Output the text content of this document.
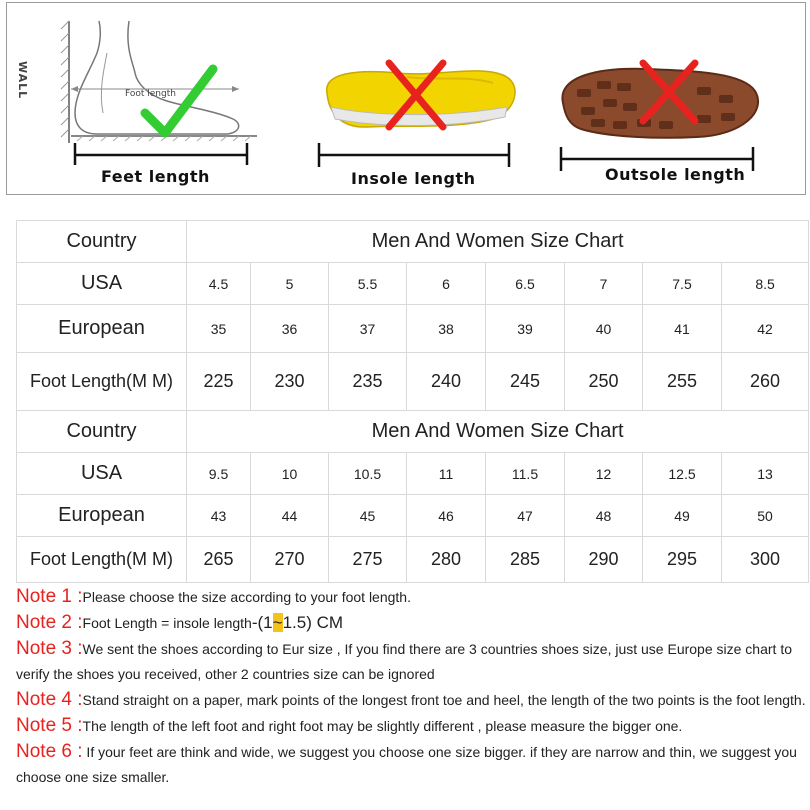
WALL	Foot length
Feet length	Insole length	Outsole length
Country	Men And Women Size Chart							
USA	4.5	5	5.5	6	6.5	7	7.5	8.5
European	35	36	37	38	39	40	41	42
Foot Length(M M)	225	230	235	240	245	250	255	260
Country	Men And Women Size Chart							
USA	9.5	10	10.5	11	11.5	12	12.5	13
European	43	44	45	46	47	48	49	50
Foot Length(M M)	265	270	275	280	285	290	295	300
Note 1 :Please choose the size according to your foot length.
Note 2 :Foot Length = insole length-(1~1.5) CM
Note 3 :We sent the shoes according to Eur size , If you find there are 3 countries shoes size, just use Europe size chart to verify the shoes you received, other 2 countries size can be ignored
Note 4 :Stand straight on a paper, mark points of the longest front toe and heel, the length of the two points is the foot length.
Note 5 :The length of the left foot and right foot may be slightly different , please measure the bigger one.
Note 6 : If your feet are think and wide, we suggest you choose one size bigger. if they are narrow and thin, we suggest you choose one size smaller.
